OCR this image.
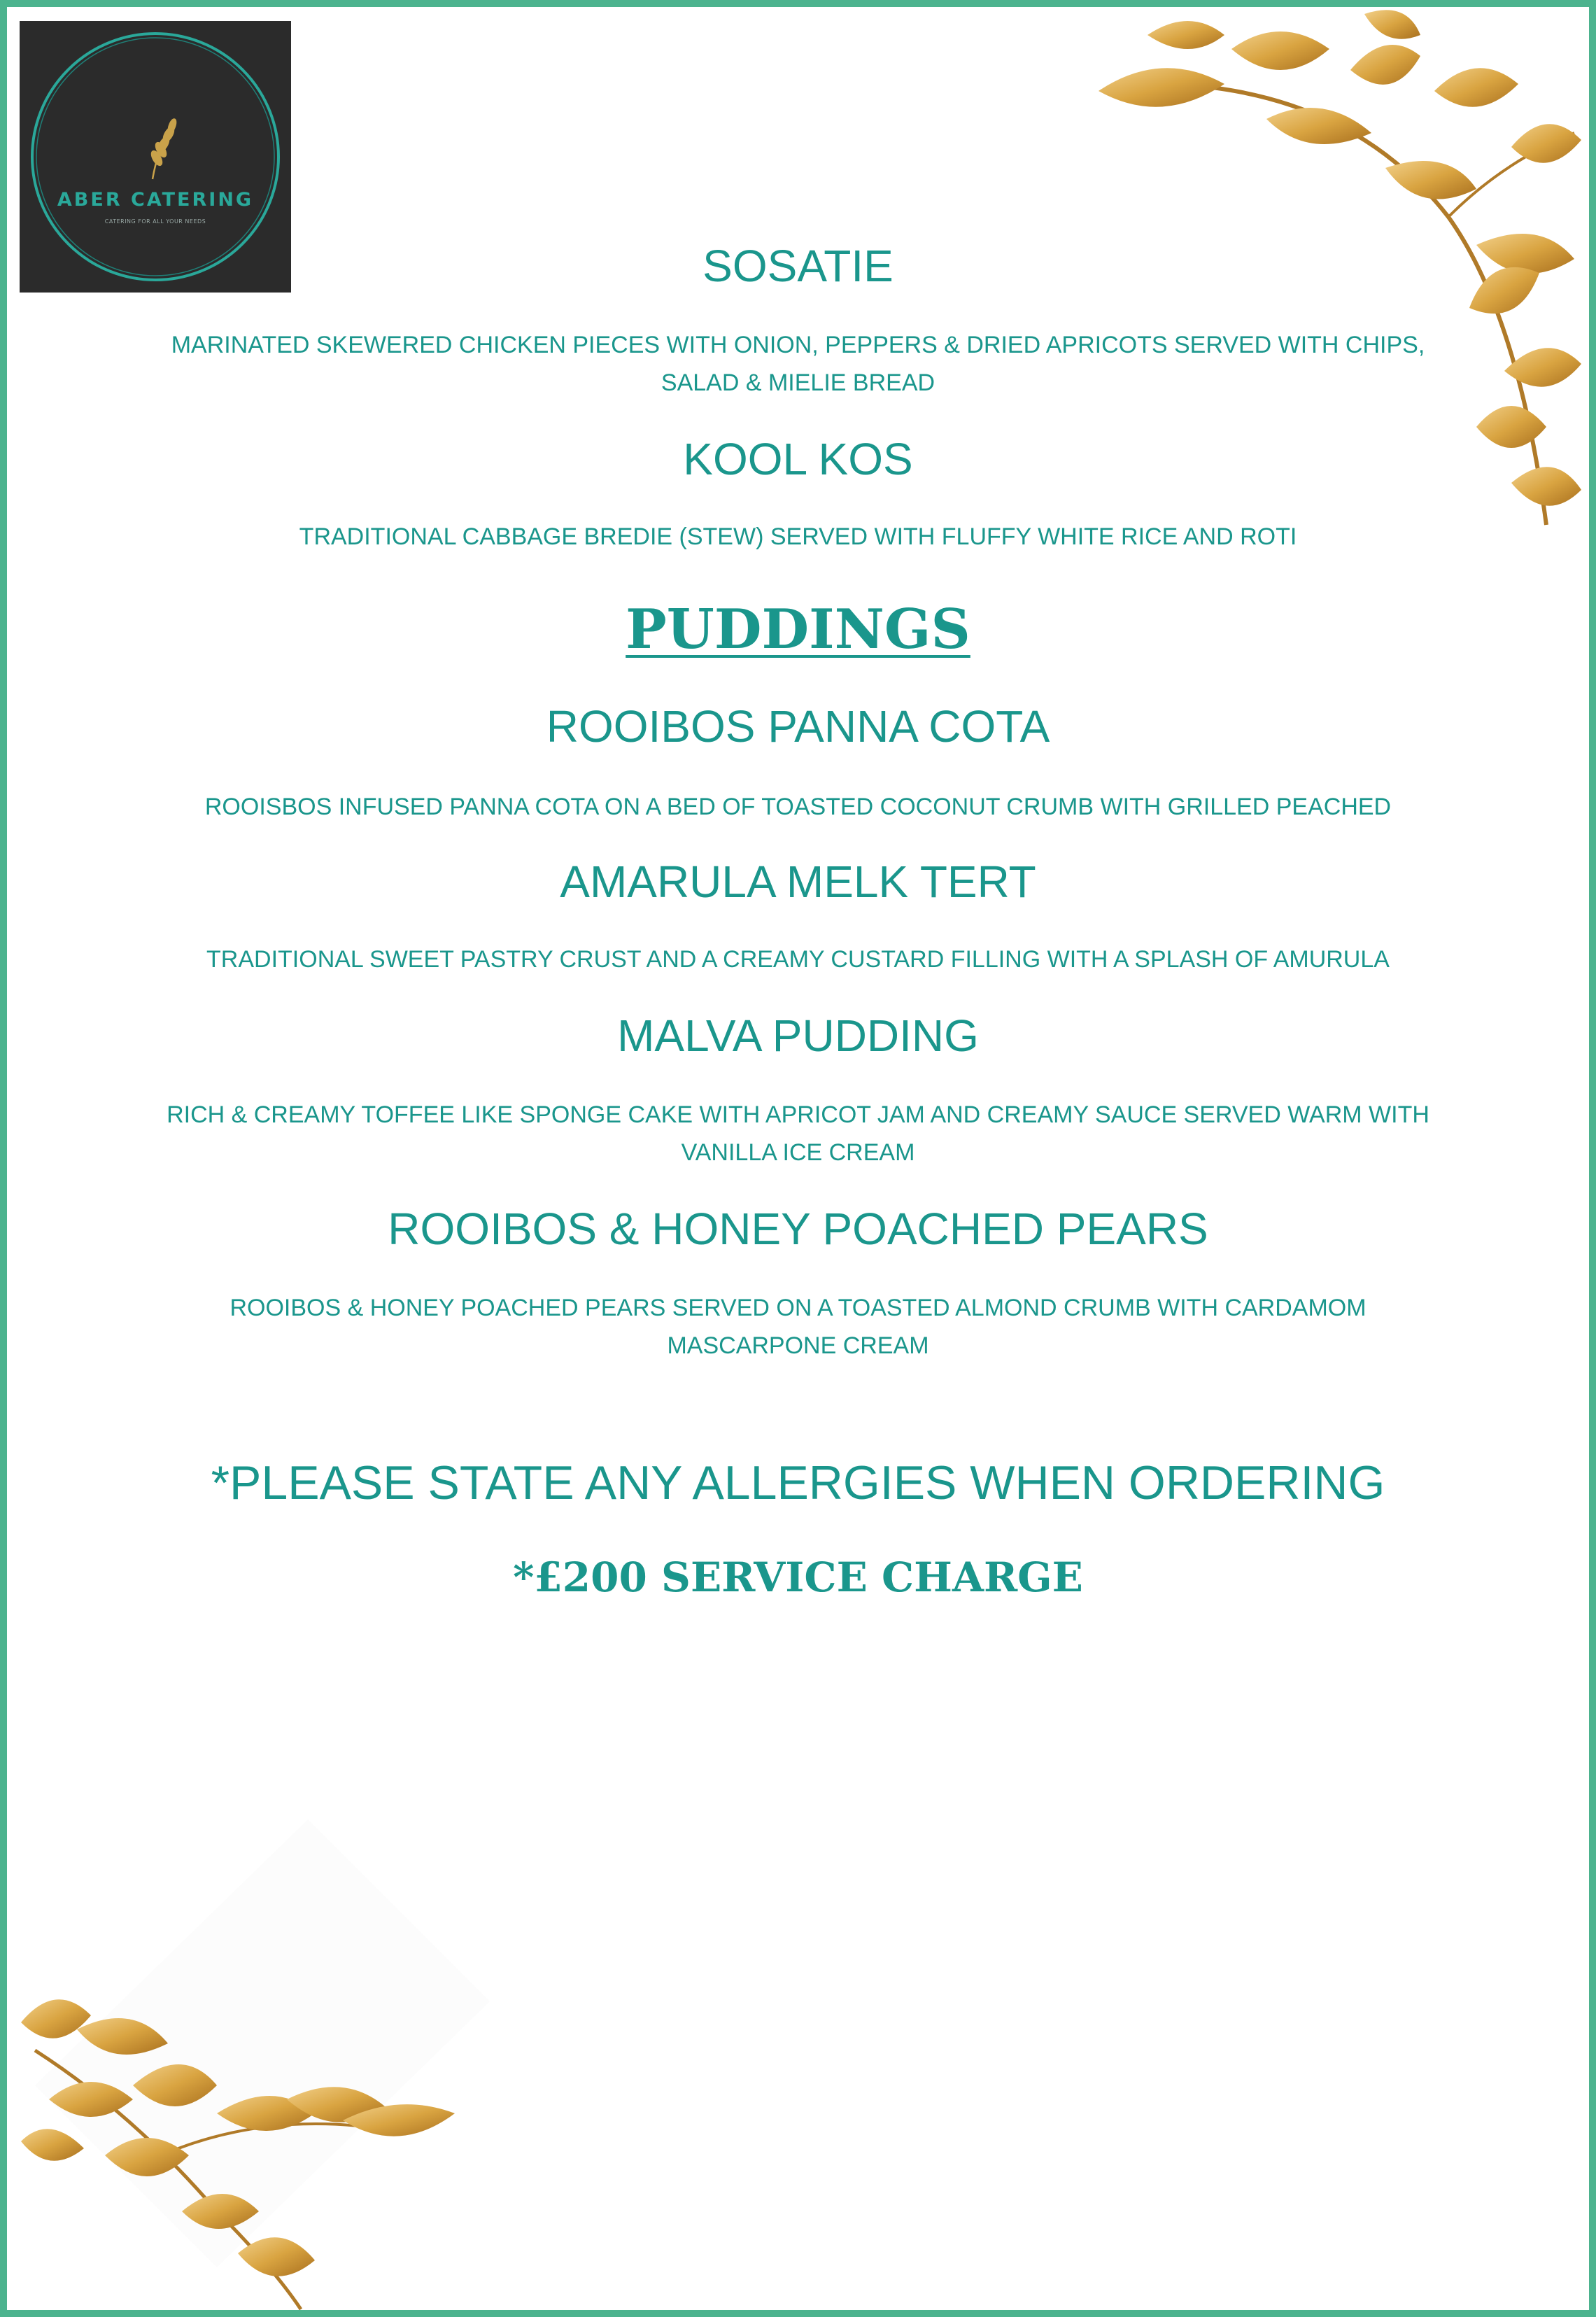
ABER CATERING
CATERING FOR ALL YOUR NEEDS
SOSATIE

MARINATED SKEWERED CHICKEN PIECES WITH ONION, PEPPERS & DRIED APRICOTS SERVED WITH CHIPS, SALAD & MIELIE BREAD

KOOL KOS

TRADITIONAL CABBAGE BREDIE (STEW) SERVED WITH FLUFFY WHITE RICE AND ROTI

PUDDINGS
ROOIBOS PANNA COTA

ROOISBOS INFUSED PANNA COTA ON A BED OF TOASTED COCONUT CRUMB WITH GRILLED PEACHED

AMARULA MELK TERT

TRADITIONAL SWEET PASTRY CRUST AND A CREAMY CUSTARD FILLING WITH A SPLASH OF AMURULA

MALVA PUDDING

RICH & CREAMY TOFFEE LIKE SPONGE CAKE WITH APRICOT JAM AND CREAMY SAUCE SERVED WARM WITH VANILLA ICE CREAM

ROOIBOS & HONEY POACHED PEARS

ROOIBOS & HONEY POACHED PEARS SERVED ON A TOASTED ALMOND CRUMB WITH CARDAMOM MASCARPONE CREAM

*PLEASE STATE ANY ALLERGIES WHEN ORDERING

*£200 SERVICE CHARGE
